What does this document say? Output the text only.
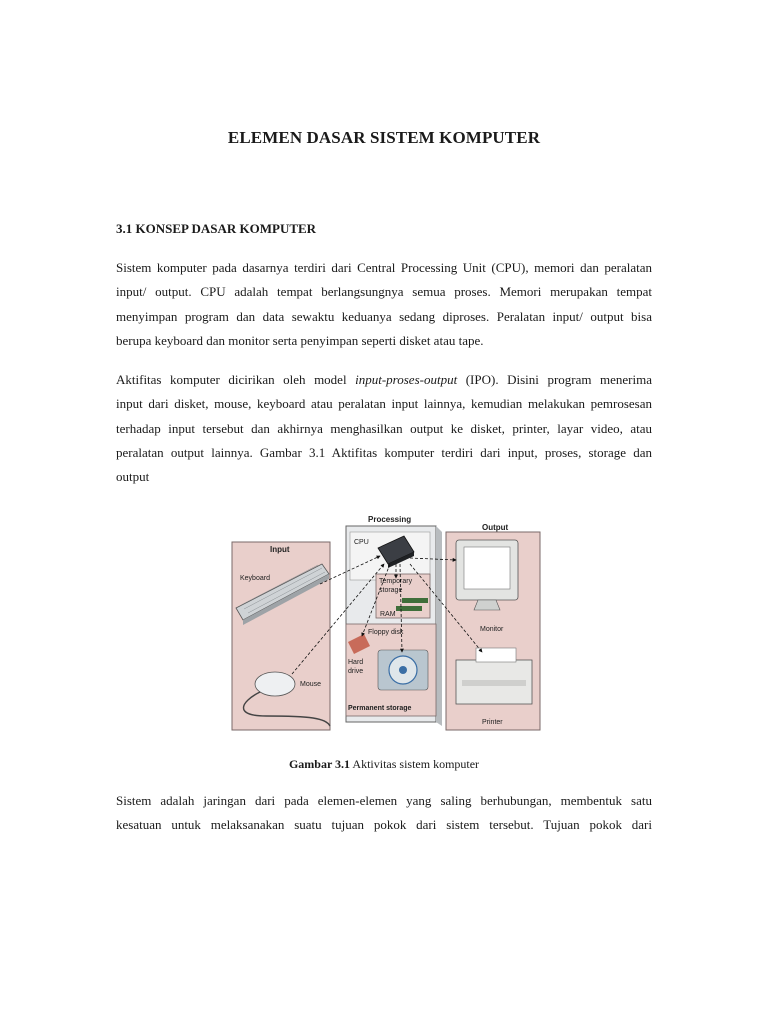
ELEMEN DASAR SISTEM KOMPUTER
3.1 KONSEP DASAR KOMPUTER
Sistem komputer pada dasarnya terdiri dari Central Processing Unit (CPU), memori dan peralatan
input/ output. CPU adalah tempat berlangsungnya semua proses. Memori merupakan tempat
menyimpan program dan data sewaktu keduanya sedang diproses. Peralatan input/ output bisa
berupa keyboard dan monitor serta penyimpan seperti disket atau tape.
Aktifitas komputer dicirikan oleh model input-proses-output (IPO). Disini program menerima
input dari disket, mouse, keyboard atau peralatan input lainnya, kemudian melakukan pemrosesan
terhadap input tersebut dan akhirnya menghasilkan output ke disket, printer, layar video, atau
peralatan output lainnya. Gambar 3.1 Aktifitas komputer terdiri dari input, proses, storage dan
output
Input
Keyboard
Mouse
Processing
CPU
Temporary
storage
RAM
Floppy disk
Hard
drive
Permanent storage
Output
Monitor
Printer
Gambar 3.1 Aktivitas sistem komputer
Sistem adalah jaringan dari pada elemen-elemen yang saling berhubungan, membentuk satu
kesatuan untuk melaksanakan suatu tujuan pokok dari sistem tersebut. Tujuan pokok dari
